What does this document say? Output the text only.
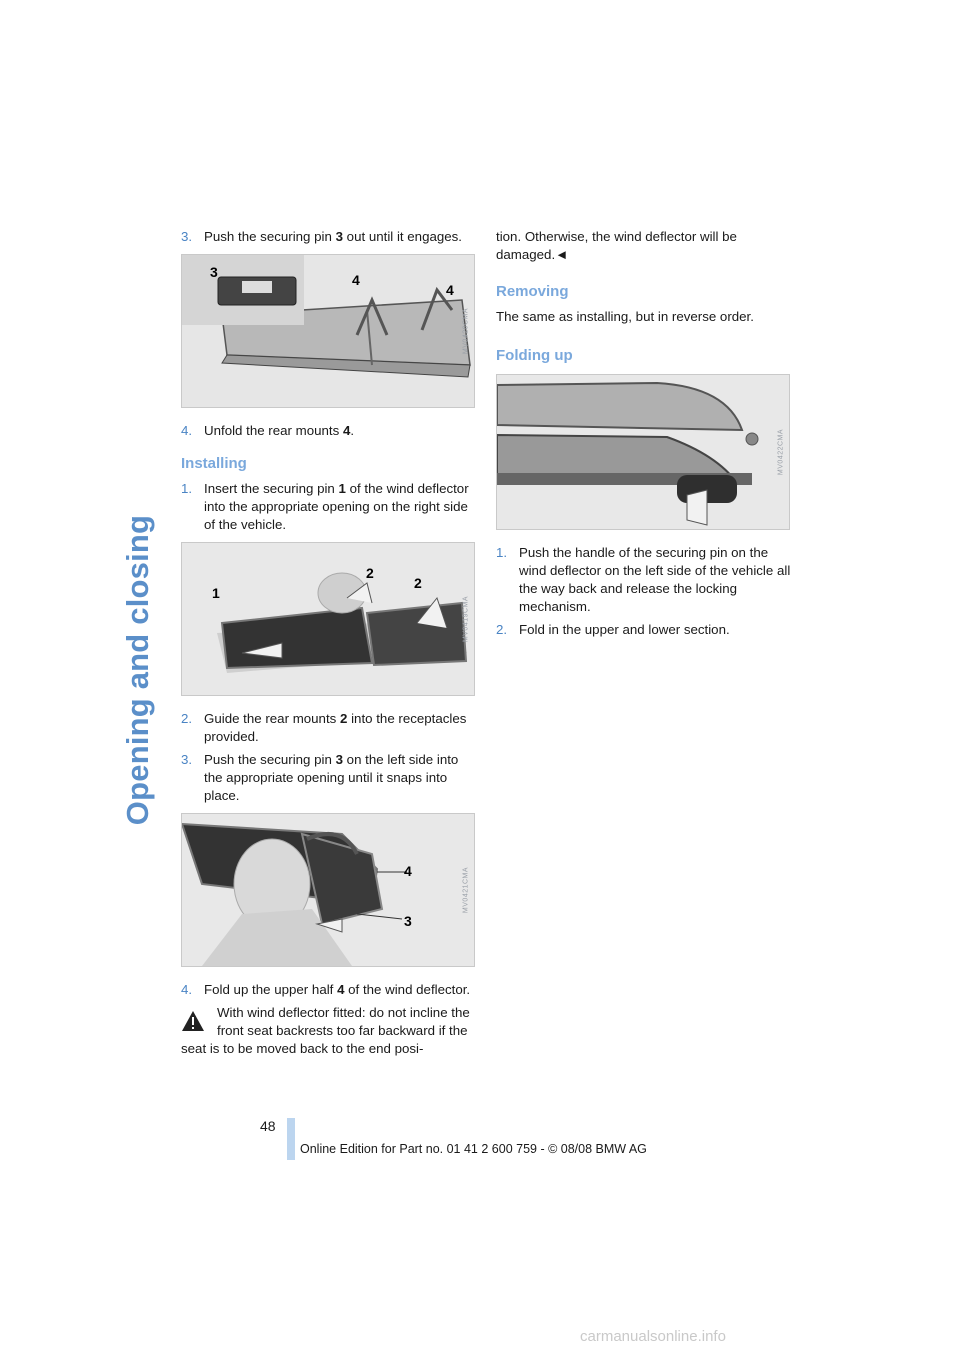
Opening and closing
3. Push the securing pin 3 out until it engages.
3	4
4
MV0420CMA
4. Unfold the rear mounts 4.
Installing
1. Insert the securing pin 1 of the wind deflector into the appropriate opening on the right side of the vehicle.
1
2
2
MV0419CMA
2. Guide the rear mounts 2 into the receptacles provided.
3. Push the securing pin 3 on the left side into the appropriate opening until it snaps into place.
4
3
MV0421CMA
4. Fold up the upper half 4 of the wind deflector.
With wind deflector fitted: do not incline the front seat backrests too far backward if the seat is to be moved back to the end posi-
tion. Otherwise, the wind deflector will be damaged.◄
Removing
The same as installing, but in reverse order.
Folding up
MV0422CMA
1. Push the handle of the securing pin on the wind deflector on the left side of the vehicle all the way back and release the locking mechanism.
2. Fold in the upper and lower section.
48
Online Edition for Part no. 01 41 2 600 759 - © 08/08 BMW AG
carmanualsonline.info
